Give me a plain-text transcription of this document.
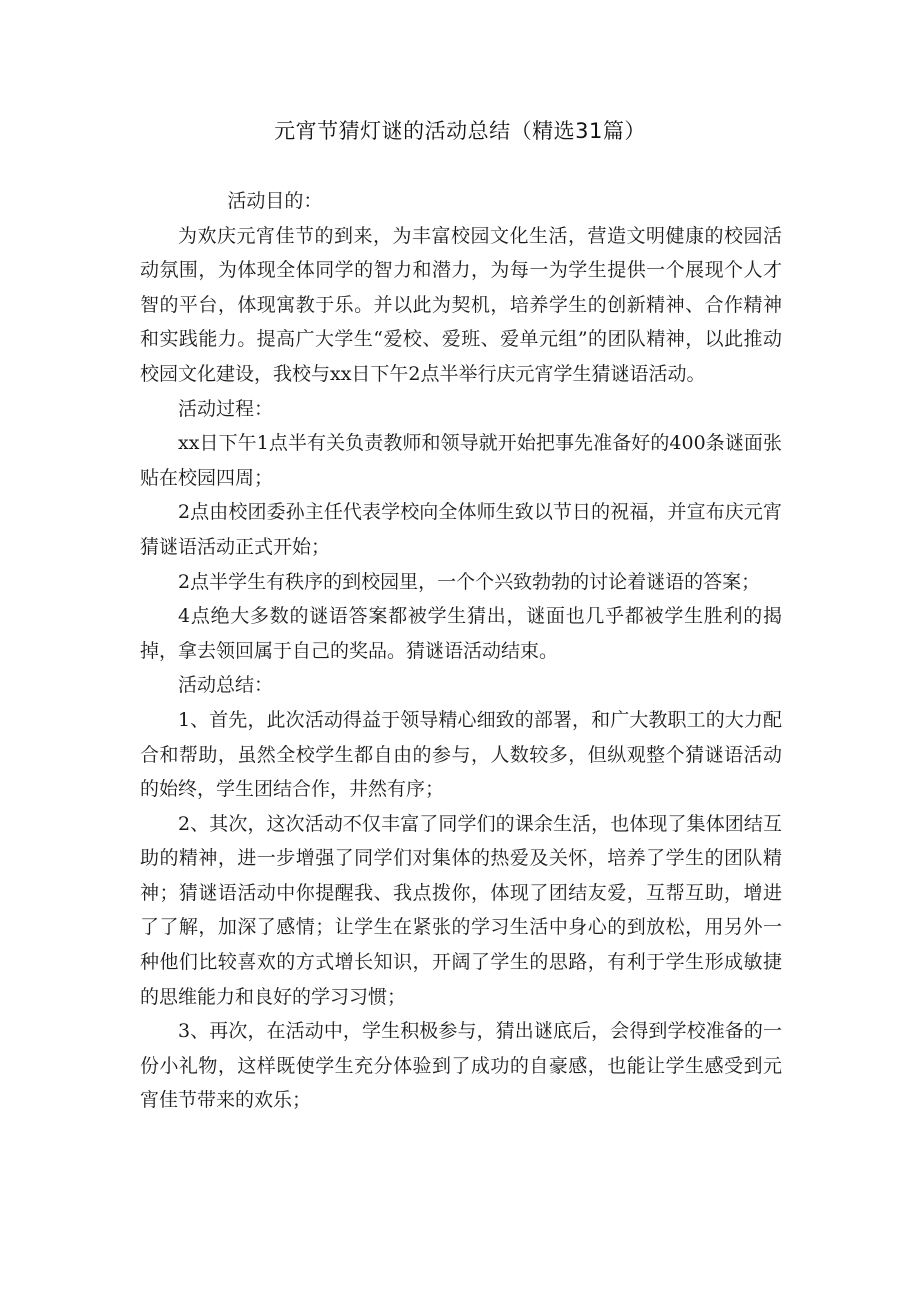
元宵节猜灯谜的活动总结（精选31篇）

活动目的：

为欢庆元宵佳节的到来，为丰富校园文化生活，营造文明健康的校园活动氛围，为体现全体同学的智力和潜力，为每一为学生提供一个展现个人才智的平台，体现寓教于乐。并以此为契机，培养学生的创新精神、合作精神和实践能力。提高广大学生“爱校、爱班、爱单元组”的团队精神，以此推动校园文化建设，我校与xx日下午2点半举行庆元宵学生猜谜语活动。

活动过程：

xx日下午1点半有关负责教师和领导就开始把事先准备好的400条谜面张贴在校园四周；

2点由校团委孙主任代表学校向全体师生致以节日的祝福，并宣布庆元宵猜谜语活动正式开始；

2点半学生有秩序的到校园里，一个个兴致勃勃的讨论着谜语的答案；

4点绝大多数的谜语答案都被学生猜出，谜面也几乎都被学生胜利的揭掉，拿去领回属于自己的奖品。猜谜语活动结束。

活动总结：

1、首先，此次活动得益于领导精心细致的部署，和广大教职工的大力配合和帮助，虽然全校学生都自由的参与，人数较多，但纵观整个猜谜语活动的始终，学生团结合作，井然有序；

2、其次，这次活动不仅丰富了同学们的课余生活，也体现了集体团结互助的精神，进一步增强了同学们对集体的热爱及关怀，培养了学生的团队精神；猜谜语活动中你提醒我、我点拨你，体现了团结友爱，互帮互助，增进了了解，加深了感情；让学生在紧张的学习生活中身心的到放松，用另外一种他们比较喜欢的方式增长知识，开阔了学生的思路，有利于学生形成敏捷的思维能力和良好的学习习惯；

3、再次，在活动中，学生积极参与，猜出谜底后，会得到学校准备的一份小礼物，这样既使学生充分体验到了成功的自豪感，也能让学生感受到元宵佳节带来的欢乐；
